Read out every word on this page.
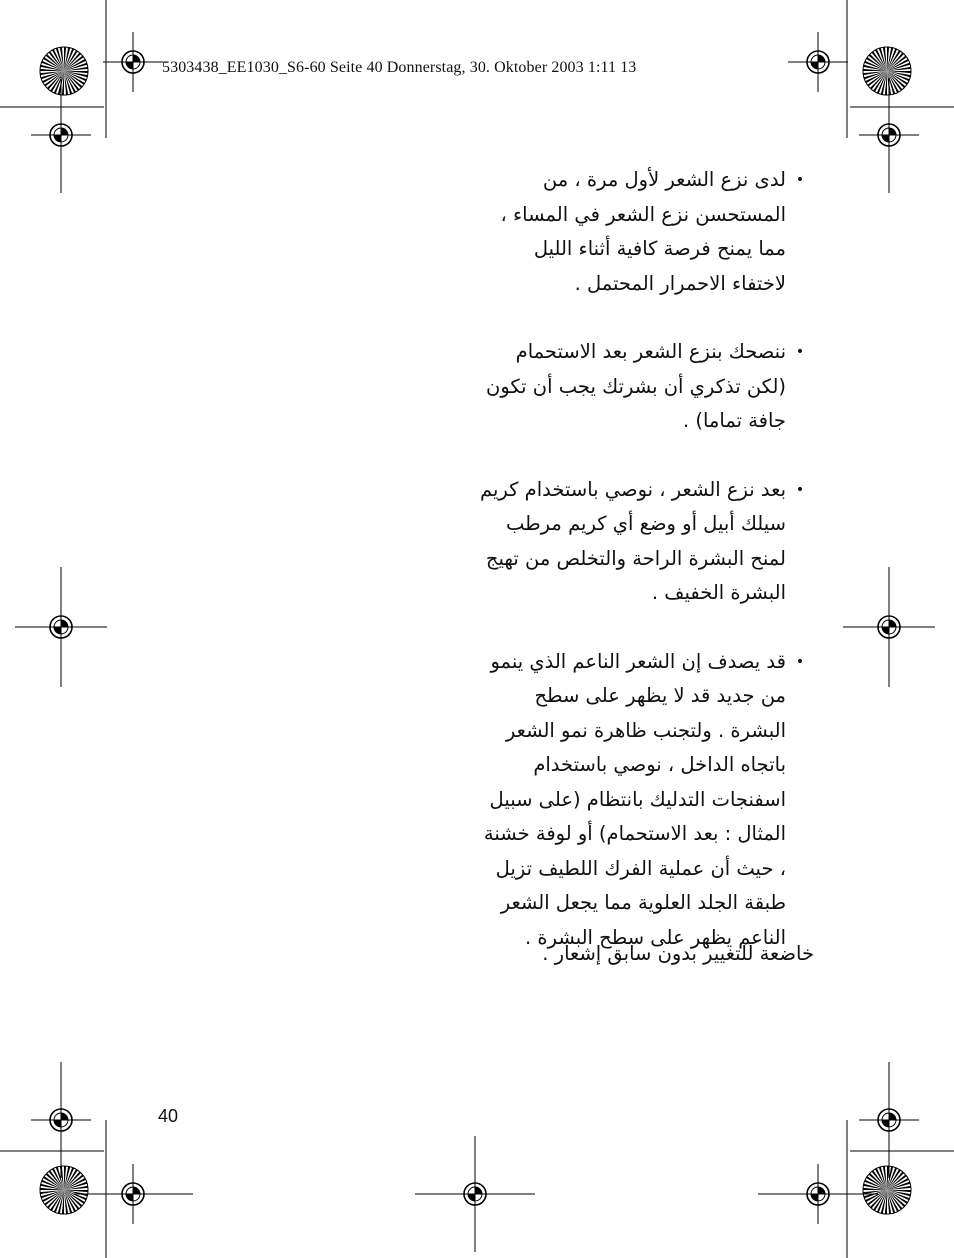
5303438_EE1030_S6-60 Seite 40 Donnerstag, 30. Oktober 2003 1:11 13
•
لدى نزع الشعر لأول مرة ، من المستحسن نزع الشعر في المساء ، مما يمنح فرصة كافية أثناء الليل لاختفاء الاحمرار المحتمل .
•
ننصحك بنزع الشعر بعد الاستحمام (لكن تذكري أن بشرتك يجب أن تكون جافة تماما) .
•
بعد نزع الشعر ، نوصي باستخدام كريم سيلك أبيل أو وضع أي كريم مرطب لمنح البشرة الراحة والتخلص من تهيج البشرة الخفيف .
•
قد يصدف إن الشعر الناعم الذي ينمو من جديد قد لا يظهر على سطح البشرة . ولتجنب ظاهرة نمو الشعر باتجاه الداخل ، نوصي باستخدام اسفنجات التدليك بانتظام (على سبيل المثال : بعد الاستحمام) أو لوفة خشنة ، حيث أن عملية الفرك اللطيف تزيل طبقة الجلد العلوية مما يجعل الشعر الناعم يظهر على سطح البشرة .
خاضعة للتغيير بدون سابق إشعار .
40
